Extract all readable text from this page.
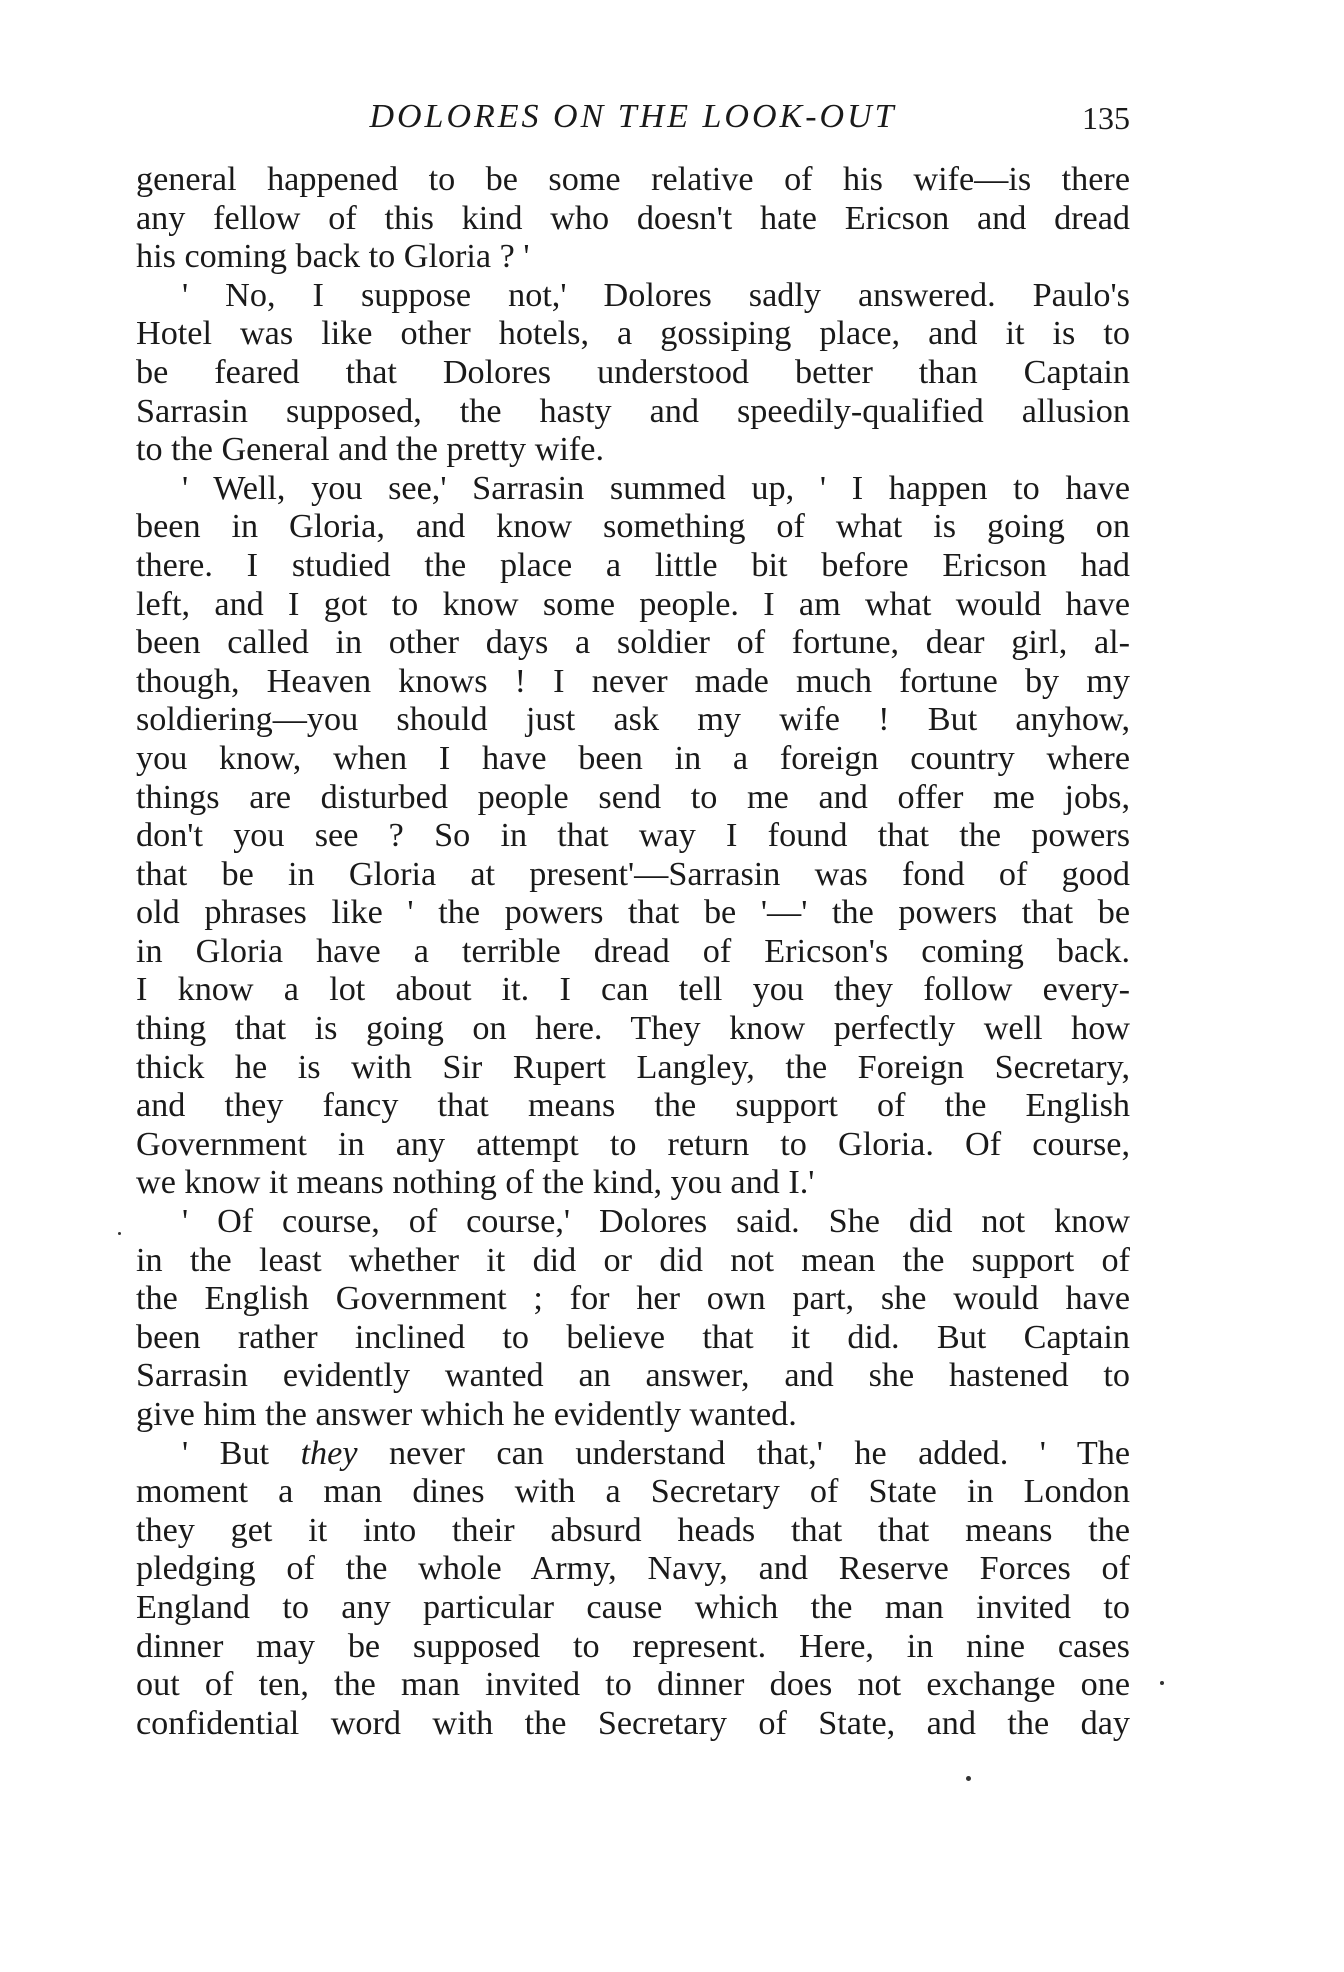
DOLORES ON THE LOOK-OUT	135
general happened to be some relative of his wife—is there
any fellow of this kind who doesn't hate Ericson and dread
his coming back to Gloria ? '
' No, I suppose not,' Dolores sadly answered. Paulo's
Hotel was like other hotels, a gossiping place, and it is to
be feared that Dolores understood better than Captain
Sarrasin supposed, the hasty and speedily-qualified allusion
to the General and the pretty wife.
' Well, you see,' Sarrasin summed up, ' I happen to have
been in Gloria, and know something of what is going on
there. I studied the place a little bit before Ericson had
left, and I got to know some people. I am what would have
been called in other days a soldier of fortune, dear girl, al-
though, Heaven knows ! I never made much fortune by my
soldiering—you should just ask my wife ! But anyhow,
you know, when I have been in a foreign country where
things are disturbed people send to me and offer me jobs,
don't you see ? So in that way I found that the powers
that be in Gloria at present'—Sarrasin was fond of good
old phrases like ' the powers that be '—' the powers that be
in Gloria have a terrible dread of Ericson's coming back.
I know a lot about it. I can tell you they follow every-
thing that is going on here. They know perfectly well how
thick he is with Sir Rupert Langley, the Foreign Secretary,
and they fancy that means the support of the English
Government in any attempt to return to Gloria. Of course,
we know it means nothing of the kind, you and I.'
' Of course, of course,' Dolores said. She did not know
in the least whether it did or did not mean the support of
the English Government ; for her own part, she would have
been rather inclined to believe that it did. But Captain
Sarrasin evidently wanted an answer, and she hastened to
give him the answer which he evidently wanted.
' But they never can understand that,' he added. ' The
moment a man dines with a Secretary of State in London
they get it into their absurd heads that that means the
pledging of the whole Army, Navy, and Reserve Forces of
England to any particular cause which the man invited to
dinner may be supposed to represent. Here, in nine cases
out of ten, the man invited to dinner does not exchange one
confidential word with the Secretary of State, and the day
